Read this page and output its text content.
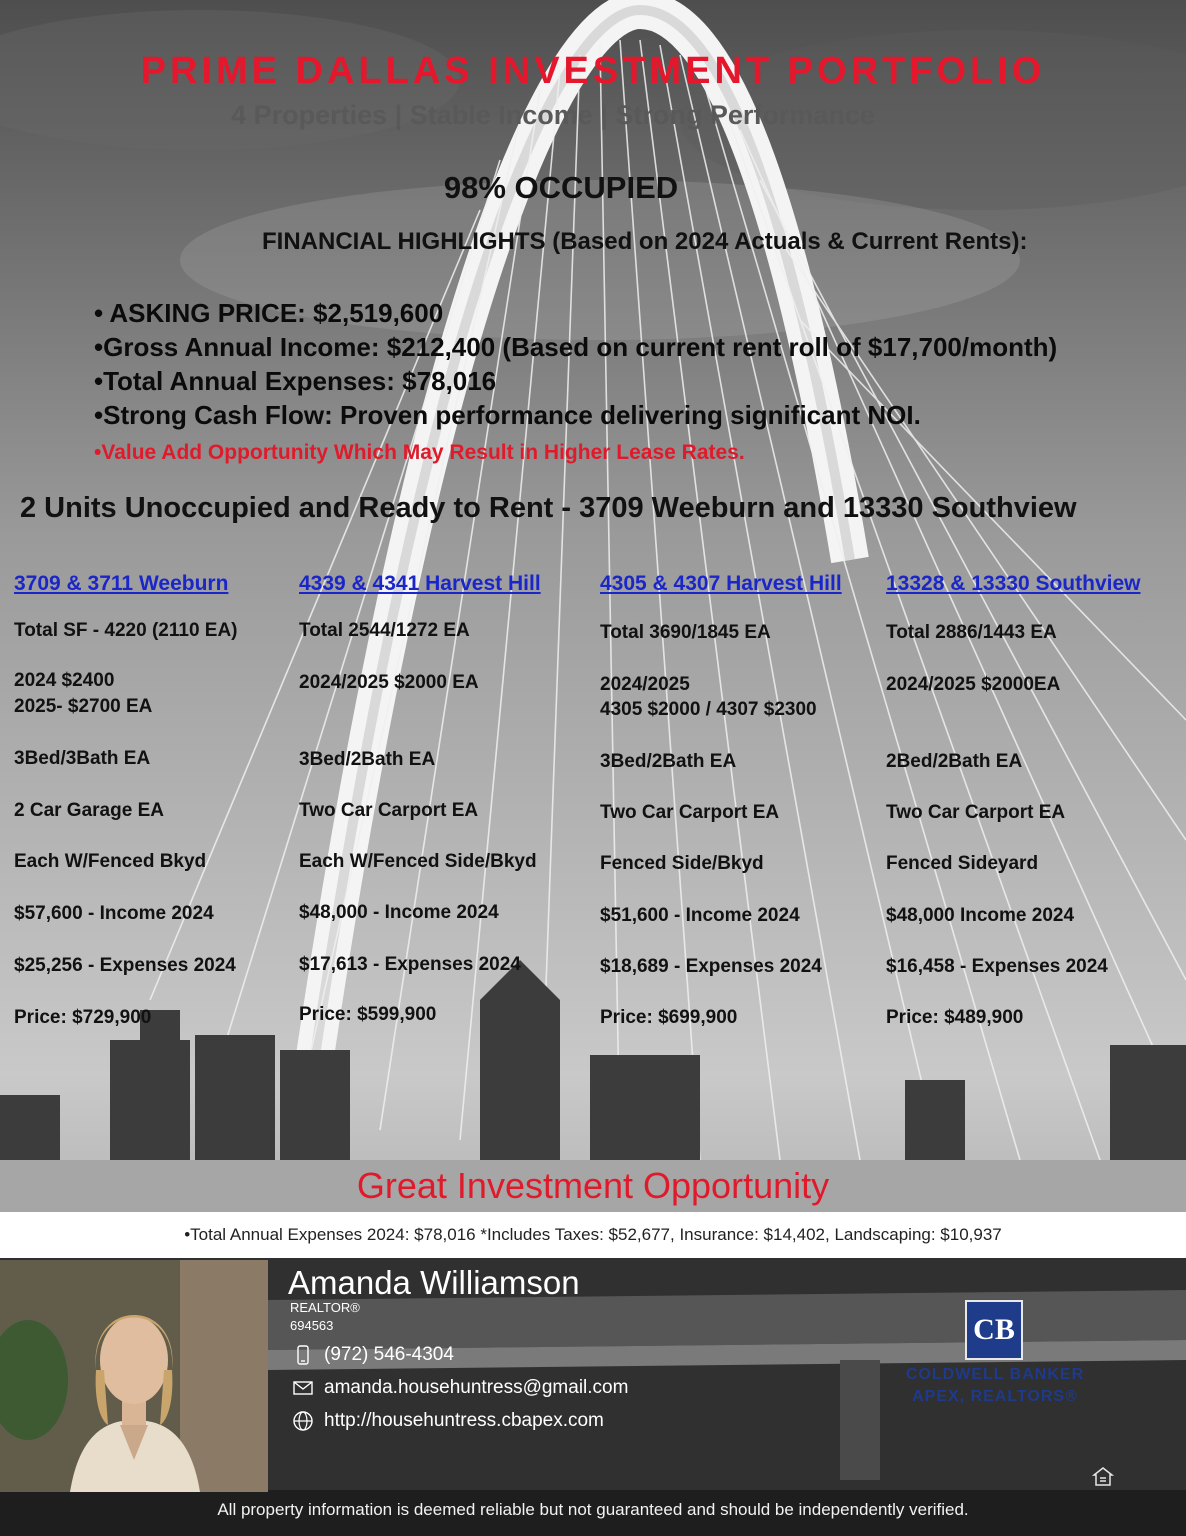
PRIME DALLAS INVESTMENT PORTFOLIO
4 Properties | Stable Income | Strong Performance
98% OCCUPIED
FINANCIAL HIGHLIGHTS (Based on 2024 Actuals & Current Rents):
• ASKING PRICE: $2,519,600
•Gross Annual Income: $212,400 (Based on current rent roll of $17,700/month)
•Total Annual Expenses: $78,016
•Strong Cash Flow: Proven performance delivering significant NOI.
•Value Add Opportunity Which May Result in Higher Lease Rates.
2 Units Unoccupied and Ready to Rent - 3709 Weeburn and 13330 Southview
3709 & 3711 Weeburn
Total SF - 4220 (2110 EA)
2024 $2400
2025- $2700 EA
3Bed/3Bath EA
2 Car Garage EA
Each W/Fenced Bkyd
$57,600 - Income 2024
$25,256 - Expenses 2024
Price: $729,900
4339 & 4341 Harvest Hill
Total 2544/1272 EA
2024/2025 $2000 EA
3Bed/2Bath EA
Two Car Carport EA
Each W/Fenced Side/Bkyd
$48,000 - Income 2024
$17,613 - Expenses 2024
Price: $599,900
4305 & 4307 Harvest Hill
Total 3690/1845 EA
2024/2025
4305 $2000 / 4307 $2300
3Bed/2Bath EA
Two Car Carport EA
Fenced Side/Bkyd
$51,600 - Income 2024
$18,689 - Expenses 2024
Price: $699,900
13328 & 13330 Southview
Total 2886/1443 EA
2024/2025 $2000EA
2Bed/2Bath EA
Two Car Carport EA
Fenced Sideyard
$48,000 Income 2024
$16,458 - Expenses 2024
Price: $489,900
Great Investment Opportunity
•Total Annual Expenses 2024: $78,016 *Includes Taxes: $52,677, Insurance: $14,402, Landscaping: $10,937
Amanda Williamson
REALTOR®
694563
(972) 546-4304
amanda.househuntress@gmail.com
http://househuntress.cbapex.com
CB
COLDWELL BANKER
APEX, REALTORS®
All property information is deemed reliable but not guaranteed and should be independently verified.
